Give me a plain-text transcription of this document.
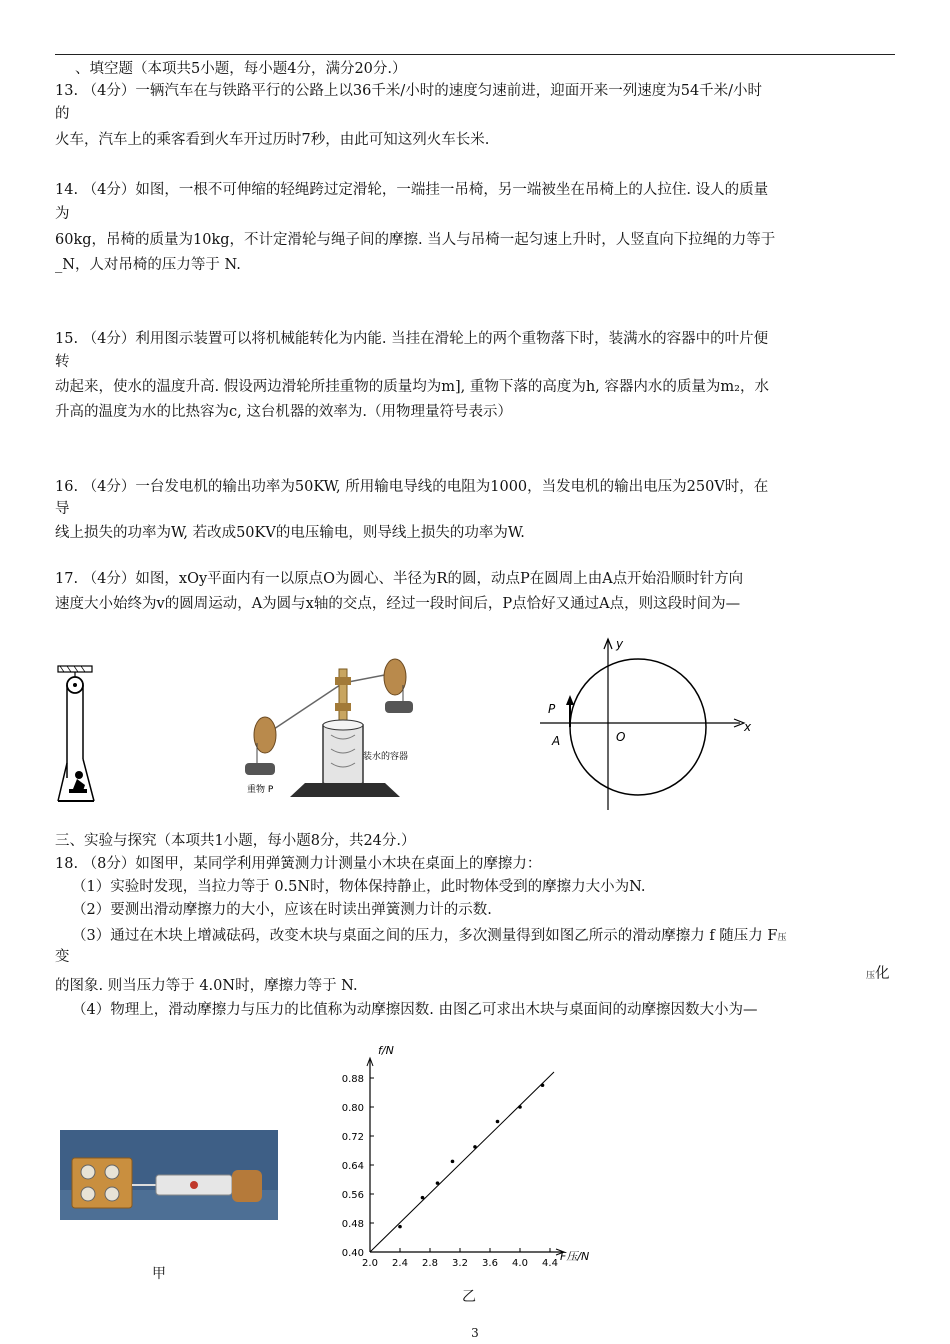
、填空题（本项共5小题，每小题4分，满分20分.）
13. （4分）一辆汽车在与铁路平行的公路上以36千米/小时的速度匀速前进，迎面开来一列速度为54千米/小时
的
火车，汽车上的乘客看到火车开过历时7秒，由此可知这列火车长米.
14. （4分）如图，一根不可伸缩的轻绳跨过定滑轮，一端挂一吊椅，另一端被坐在吊椅上的人拉住. 设人的质量
为
60kg，吊椅的质量为10kg，不计定滑轮与绳子间的摩擦. 当人与吊椅一起匀速上升时，人竖直向下拉绳的力等于
_N，人对吊椅的压力等于 N.
15. （4分）利用图示装置可以将机械能转化为内能. 当挂在滑轮上的两个重物落下时，装满水的容器中的叶片便
转
动起来，使水的温度升高. 假设两边滑轮所挂重物的质量均为m], 重物下落的高度为h, 容器内水的质量为m₂，水
升高的温度为水的比热容为c, 这台机器的效率为.（用物理量符号表示）
16. （4分）一台发电机的输出功率为50KW, 所用输电导线的电阻为1000，当发电机的输出电压为250V时，在
导
线上损失的功率为W, 若改成50KV的电压输电，则导线上损失的功率为W.
17. （4分）如图，xOy平面内有一以原点O为圆心、半径为R的圆，动点P在圆周上由A点开始沿顺时针方向
速度大小始终为v的圆周运动，A为圆与x轴的交点，经过一段时间后，P点恰好又通过A点，则这段时间为—
装水的容器
重物 P
y
x
O
A
P
三、实验与探究（本项共1小题，每小题8分，共24分.）
18. （8分）如图甲，某同学利用弹簧测力计测量小木块在桌面上的摩擦力：
（1）实验时发现，当拉力等于 0.5N时，物体保持静止，此时物体受到的摩擦力大小为N.
（2）要测出滑动摩擦力的大小，应该在时读出弹簧测力计的示数.
（3）通过在木块上增减砝码，改变木块与桌面之间的压力，多次测量得到如图乙所示的滑动摩擦力 f 随压力 F压
变
压化
的图象. 则当压力等于 4.0N时，摩擦力等于 N.
（4）物理上，滑动摩擦力与压力的比值称为动摩擦因数. 由图乙可求出木块与桌面间的动摩擦因数大小为—
甲
2.0 2.4 2.8 3.2 3.6 4.0 4.4
0.40
0.48
0.56
0.64
0.72
0.80
0.88
f/N
F压/N
乙
3
